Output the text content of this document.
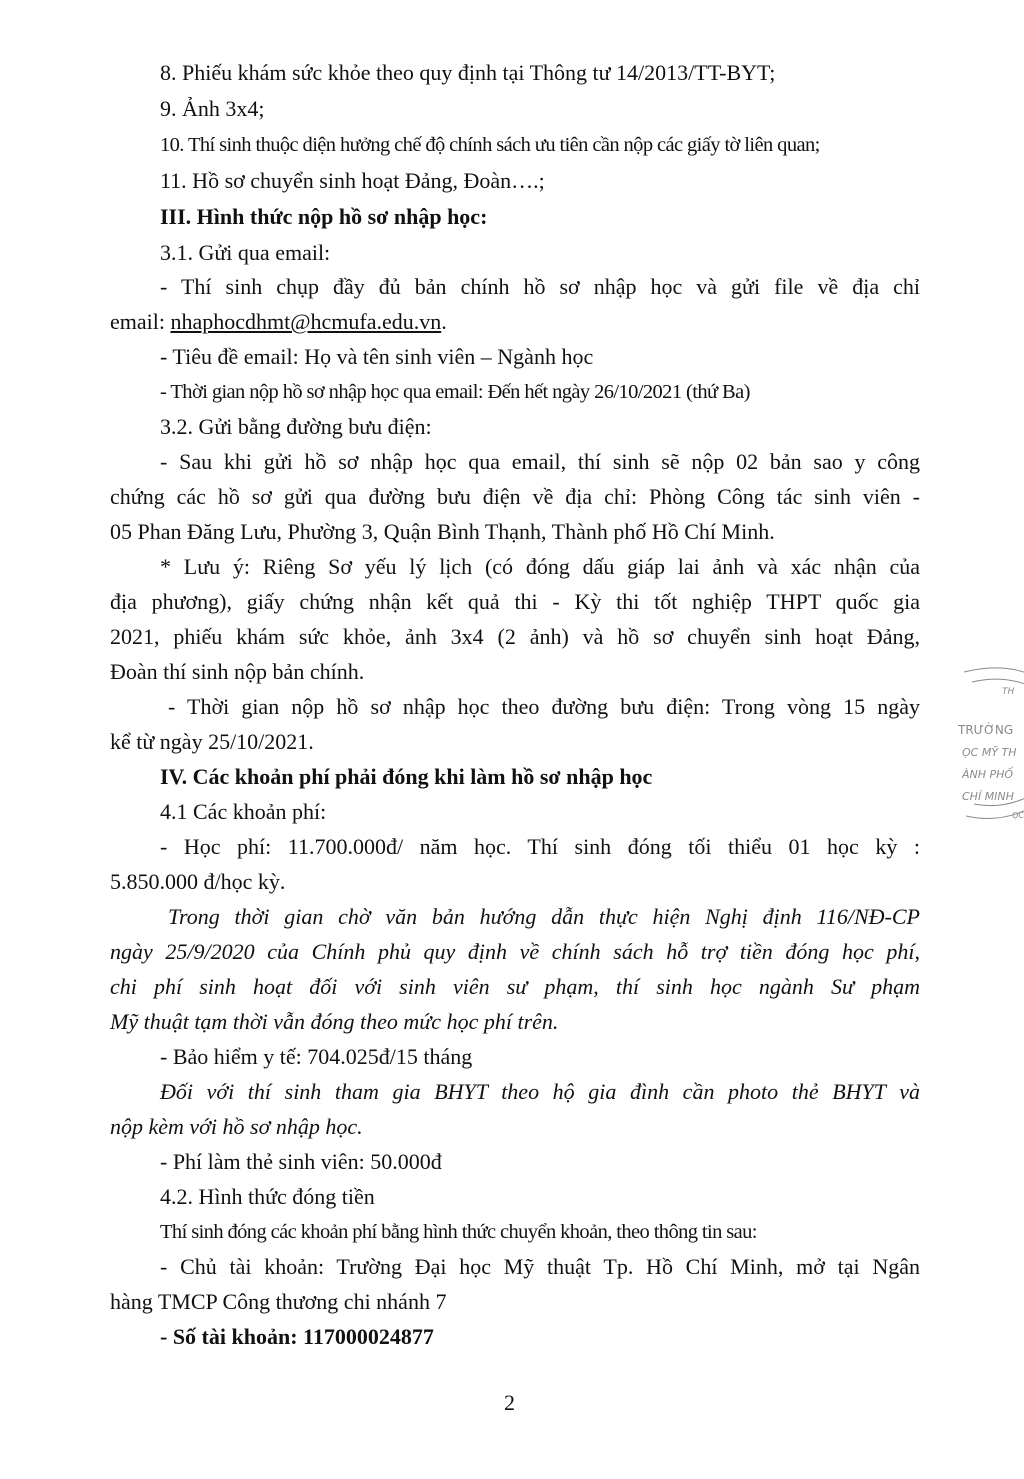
8. Phiếu khám sức khỏe theo quy định tại Thông tư 14/2013/TT-BYT;
9. Ảnh 3x4;
10. Thí sinh thuộc diện hưởng chế độ chính sách ưu tiên cần nộp các giấy tờ liên quan;
11. Hồ sơ chuyển sinh hoạt Đảng, Đoàn….;
III. Hình thức nộp hồ sơ nhập học:
3.1. Gửi qua email:
- Thí sinh chụp đầy đủ bản chính hồ sơ nhập học và gửi file về địa chỉ
email: nhaphocdhmt@hcmufa.edu.vn.
- Tiêu đề email: Họ và tên sinh viên – Ngành học
- Thời gian nộp hồ sơ nhập học qua email: Đến hết ngày 26/10/2021 (thứ Ba)
3.2. Gửi bằng đường bưu điện:
- Sau khi gửi hồ sơ nhập học qua email, thí sinh sẽ nộp 02 bản sao y công
chứng các hồ sơ gửi qua đường bưu điện về địa chỉ: Phòng Công tác sinh viên -
05 Phan Đăng Lưu, Phường 3, Quận Bình Thạnh, Thành phố Hồ Chí Minh.
* Lưu ý: Riêng Sơ yếu lý lịch (có đóng dấu giáp lai ảnh và xác nhận của
địa phương), giấy chứng nhận kết quả thi - Kỳ thi tốt nghiệp THPT quốc gia
2021, phiếu khám sức khỏe, ảnh 3x4 (2 ảnh) và hồ sơ chuyển sinh hoạt Đảng,
Đoàn thí sinh nộp bản chính.
- Thời gian nộp hồ sơ nhập học theo đường bưu điện: Trong vòng 15 ngày
kể từ ngày 25/10/2021.
IV. Các khoản phí phải đóng khi làm hồ sơ nhập học
4.1 Các khoản phí:
- Học phí: 11.700.000đ/ năm học. Thí sinh đóng tối thiểu 01 học kỳ :
5.850.000 đ/học kỳ.
Trong thời gian chờ văn bản hướng dẫn thực hiện Nghị định 116/NĐ-CP
ngày 25/9/2020 của Chính phủ quy định về chính sách hỗ trợ tiền đóng học phí,
chi phí sinh hoạt đối với sinh viên sư phạm, thí sinh học ngành Sư phạm
Mỹ thuật tạm thời vẫn đóng theo mức học phí trên.
- Bảo hiểm y tế: 704.025đ/15 tháng
Đối với thí sinh tham gia BHYT theo hộ gia đình cần photo thẻ BHYT và
nộp kèm với hồ sơ nhập học.
- Phí làm thẻ sinh viên: 50.000đ
4.2. Hình thức đóng tiền
Thí sinh đóng các khoản phí bằng hình thức chuyển khoản, theo thông tin sau:
- Chủ tài khoản: Trường Đại học Mỹ thuật Tp. Hồ Chí Minh, mở tại Ngân
hàng TMCP Công thương chi nhánh 7
- Số tài khoản: 117000024877
2
TH
TRƯỜNG
ỌC MỸ TH
ÀNH PHỐ
CHÍ MINH
ỌC
